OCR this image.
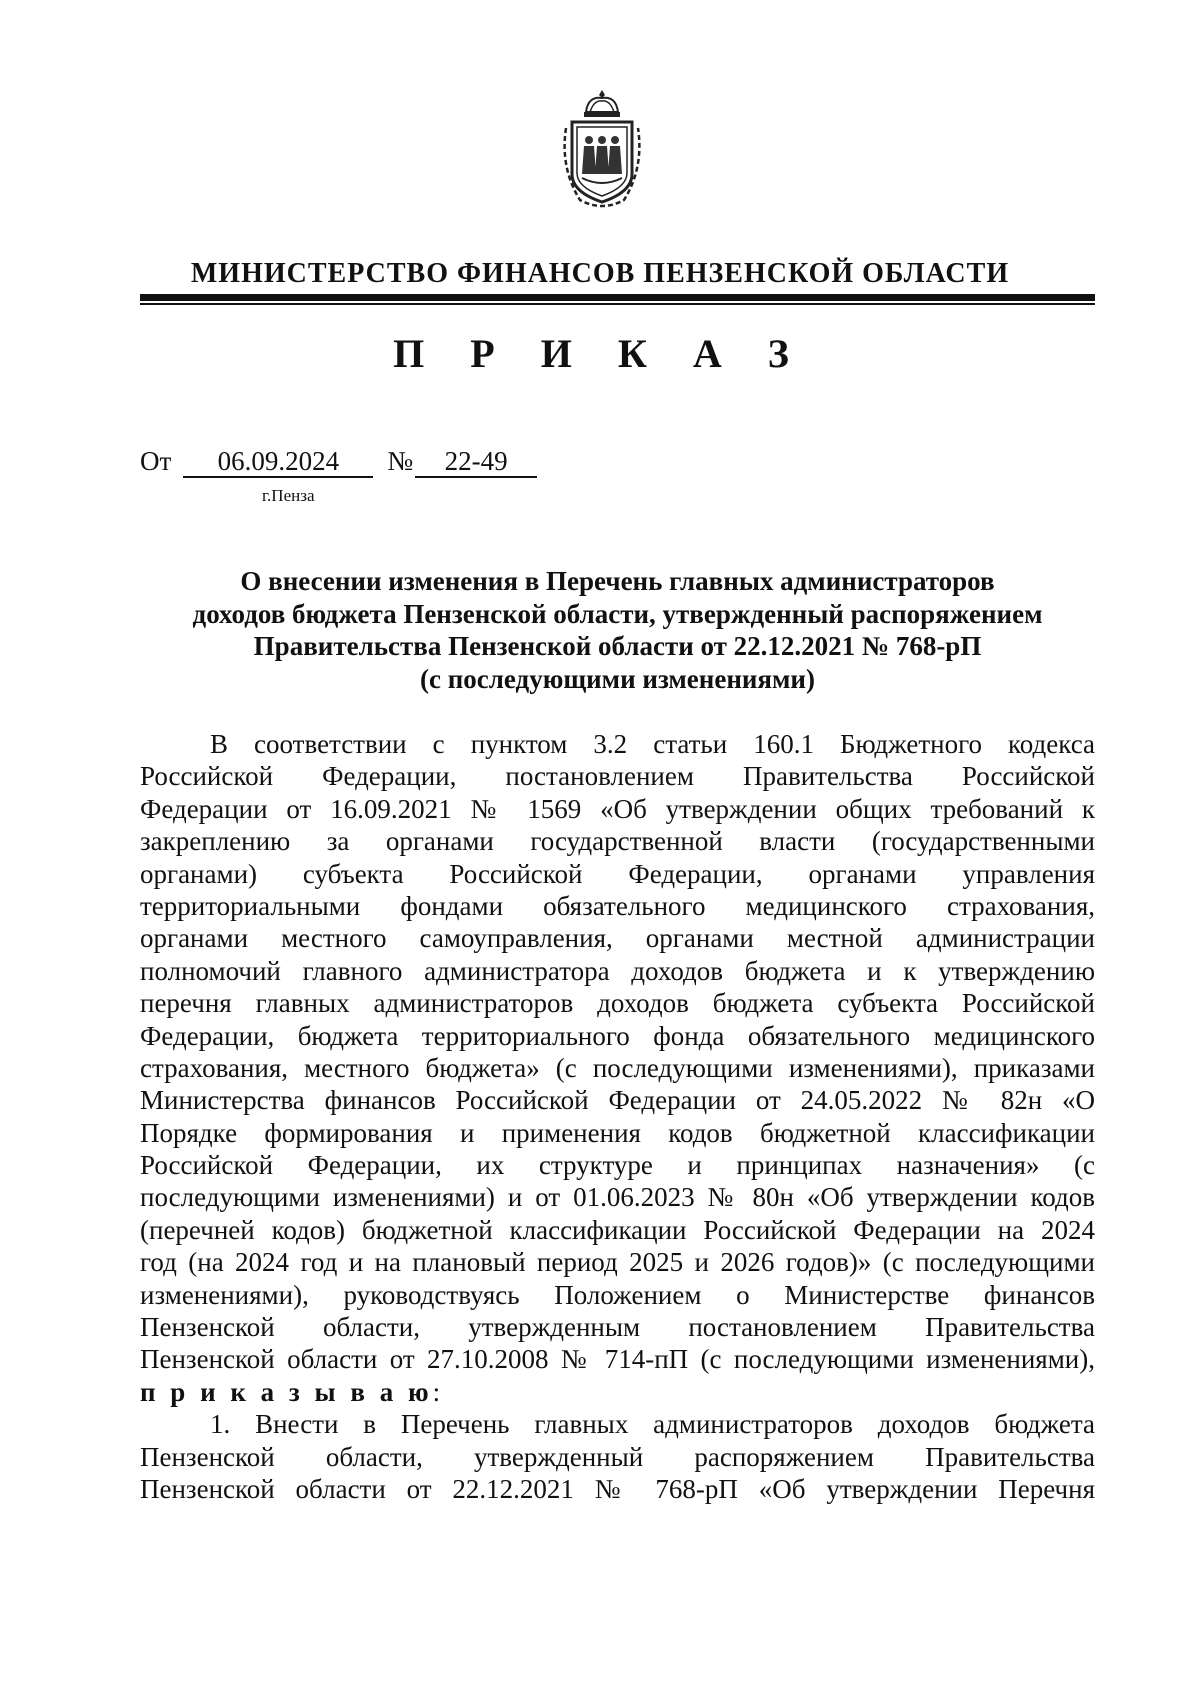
МИНИСТЕРСТВО ФИНАНСОВ ПЕНЗЕНСКОЙ ОБЛАСТИ
П Р И К А З
От	06.09.2024	№	22-49
г.Пенза
О внесении изменения в Перечень главных администраторов
доходов бюджета Пензенской области, утвержденный распоряжением
Правительства Пензенской области от 22.12.2021 № 768-рП
(с последующими изменениями)
В соответствии с пунктом 3.2 статьи 160.1 Бюджетного кодекса
Российской Федерации, постановлением Правительства Российской
Федерации от 16.09.2021 № 1569 «Об утверждении общих требований к
закреплению за органами государственной власти (государственными
органами) субъекта Российской Федерации, органами управления
территориальными фондами обязательного медицинского страхования,
органами местного самоуправления, органами местной администрации
полномочий главного администратора доходов бюджета и к утверждению
перечня главных администраторов доходов бюджета субъекта Российской
Федерации, бюджета территориального фонда обязательного медицинского
страхования, местного бюджета» (с последующими изменениями), приказами
Министерства финансов Российской Федерации от 24.05.2022 № 82н «О
Порядке формирования и применения кодов бюджетной классификации
Российской Федерации, их структуре и принципах назначения» (с
последующими изменениями) и от 01.06.2023 № 80н «Об утверждении кодов
(перечней кодов) бюджетной классификации Российской Федерации на 2024
год (на 2024 год и на плановый период 2025 и 2026 годов)» (с последующими
изменениями), руководствуясь Положением о Министерстве финансов
Пензенской области, утвержденным постановлением Правительства
Пензенской области от 27.10.2008 № 714-пП (с последующими изменениями),
п р и к а з ы в а ю:
1. Внести в Перечень главных администраторов доходов бюджета
Пензенской области, утвержденный распоряжением Правительства
Пензенской области от 22.12.2021 № 768-рП «Об утверждении Перечня
